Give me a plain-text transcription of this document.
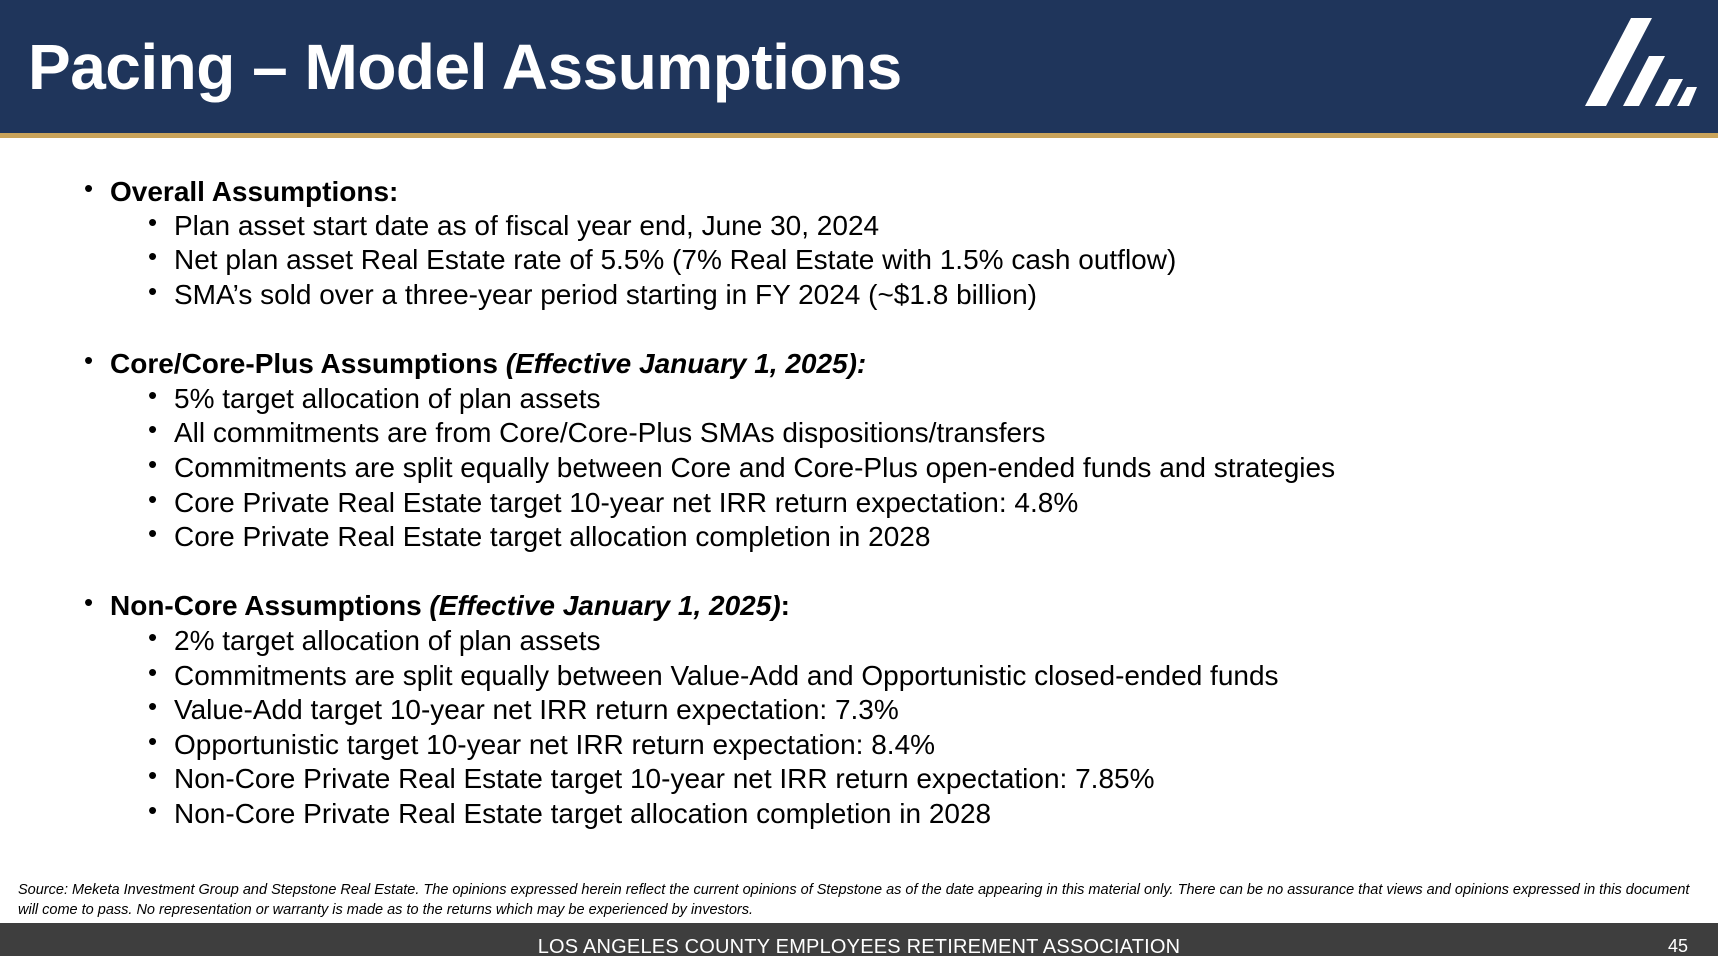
Pacing – Model Assumptions
• Overall Assumptions:
• Plan asset start date as of fiscal year end, June 30, 2024
• Net plan asset Real Estate rate of 5.5% (7% Real Estate with 1.5% cash outflow)
• SMA’s sold over a three-year period starting in FY 2024 (~$1.8 billion)
• Core/Core-Plus Assumptions (Effective January 1, 2025):
• 5% target allocation of plan assets
• All commitments are from Core/Core-Plus SMAs dispositions/transfers
• Commitments are split equally between Core and Core-Plus open-ended funds and strategies
• Core Private Real Estate target 10-year net IRR return expectation: 4.8%
• Core Private Real Estate target allocation completion in 2028
• Non-Core Assumptions (Effective January 1, 2025):
• 2% target allocation of plan assets
• Commitments are split equally between Value-Add and Opportunistic closed-ended funds
• Value-Add target 10-year net IRR return expectation: 7.3%
• Opportunistic target 10-year net IRR return expectation: 8.4%
• Non-Core Private Real Estate target 10-year net IRR return expectation: 7.85%
• Non-Core Private Real Estate target allocation completion in 2028
Source: Meketa Investment Group and Stepstone Real Estate. The opinions expressed herein reflect the current opinions of Stepstone as of the date appearing in this material only. There can be no assurance that views and opinions expressed in this document will come to pass. No representation or warranty is made as to the returns which may be experienced by investors.
LOS ANGELES COUNTY EMPLOYEES RETIREMENT ASSOCIATION	45
